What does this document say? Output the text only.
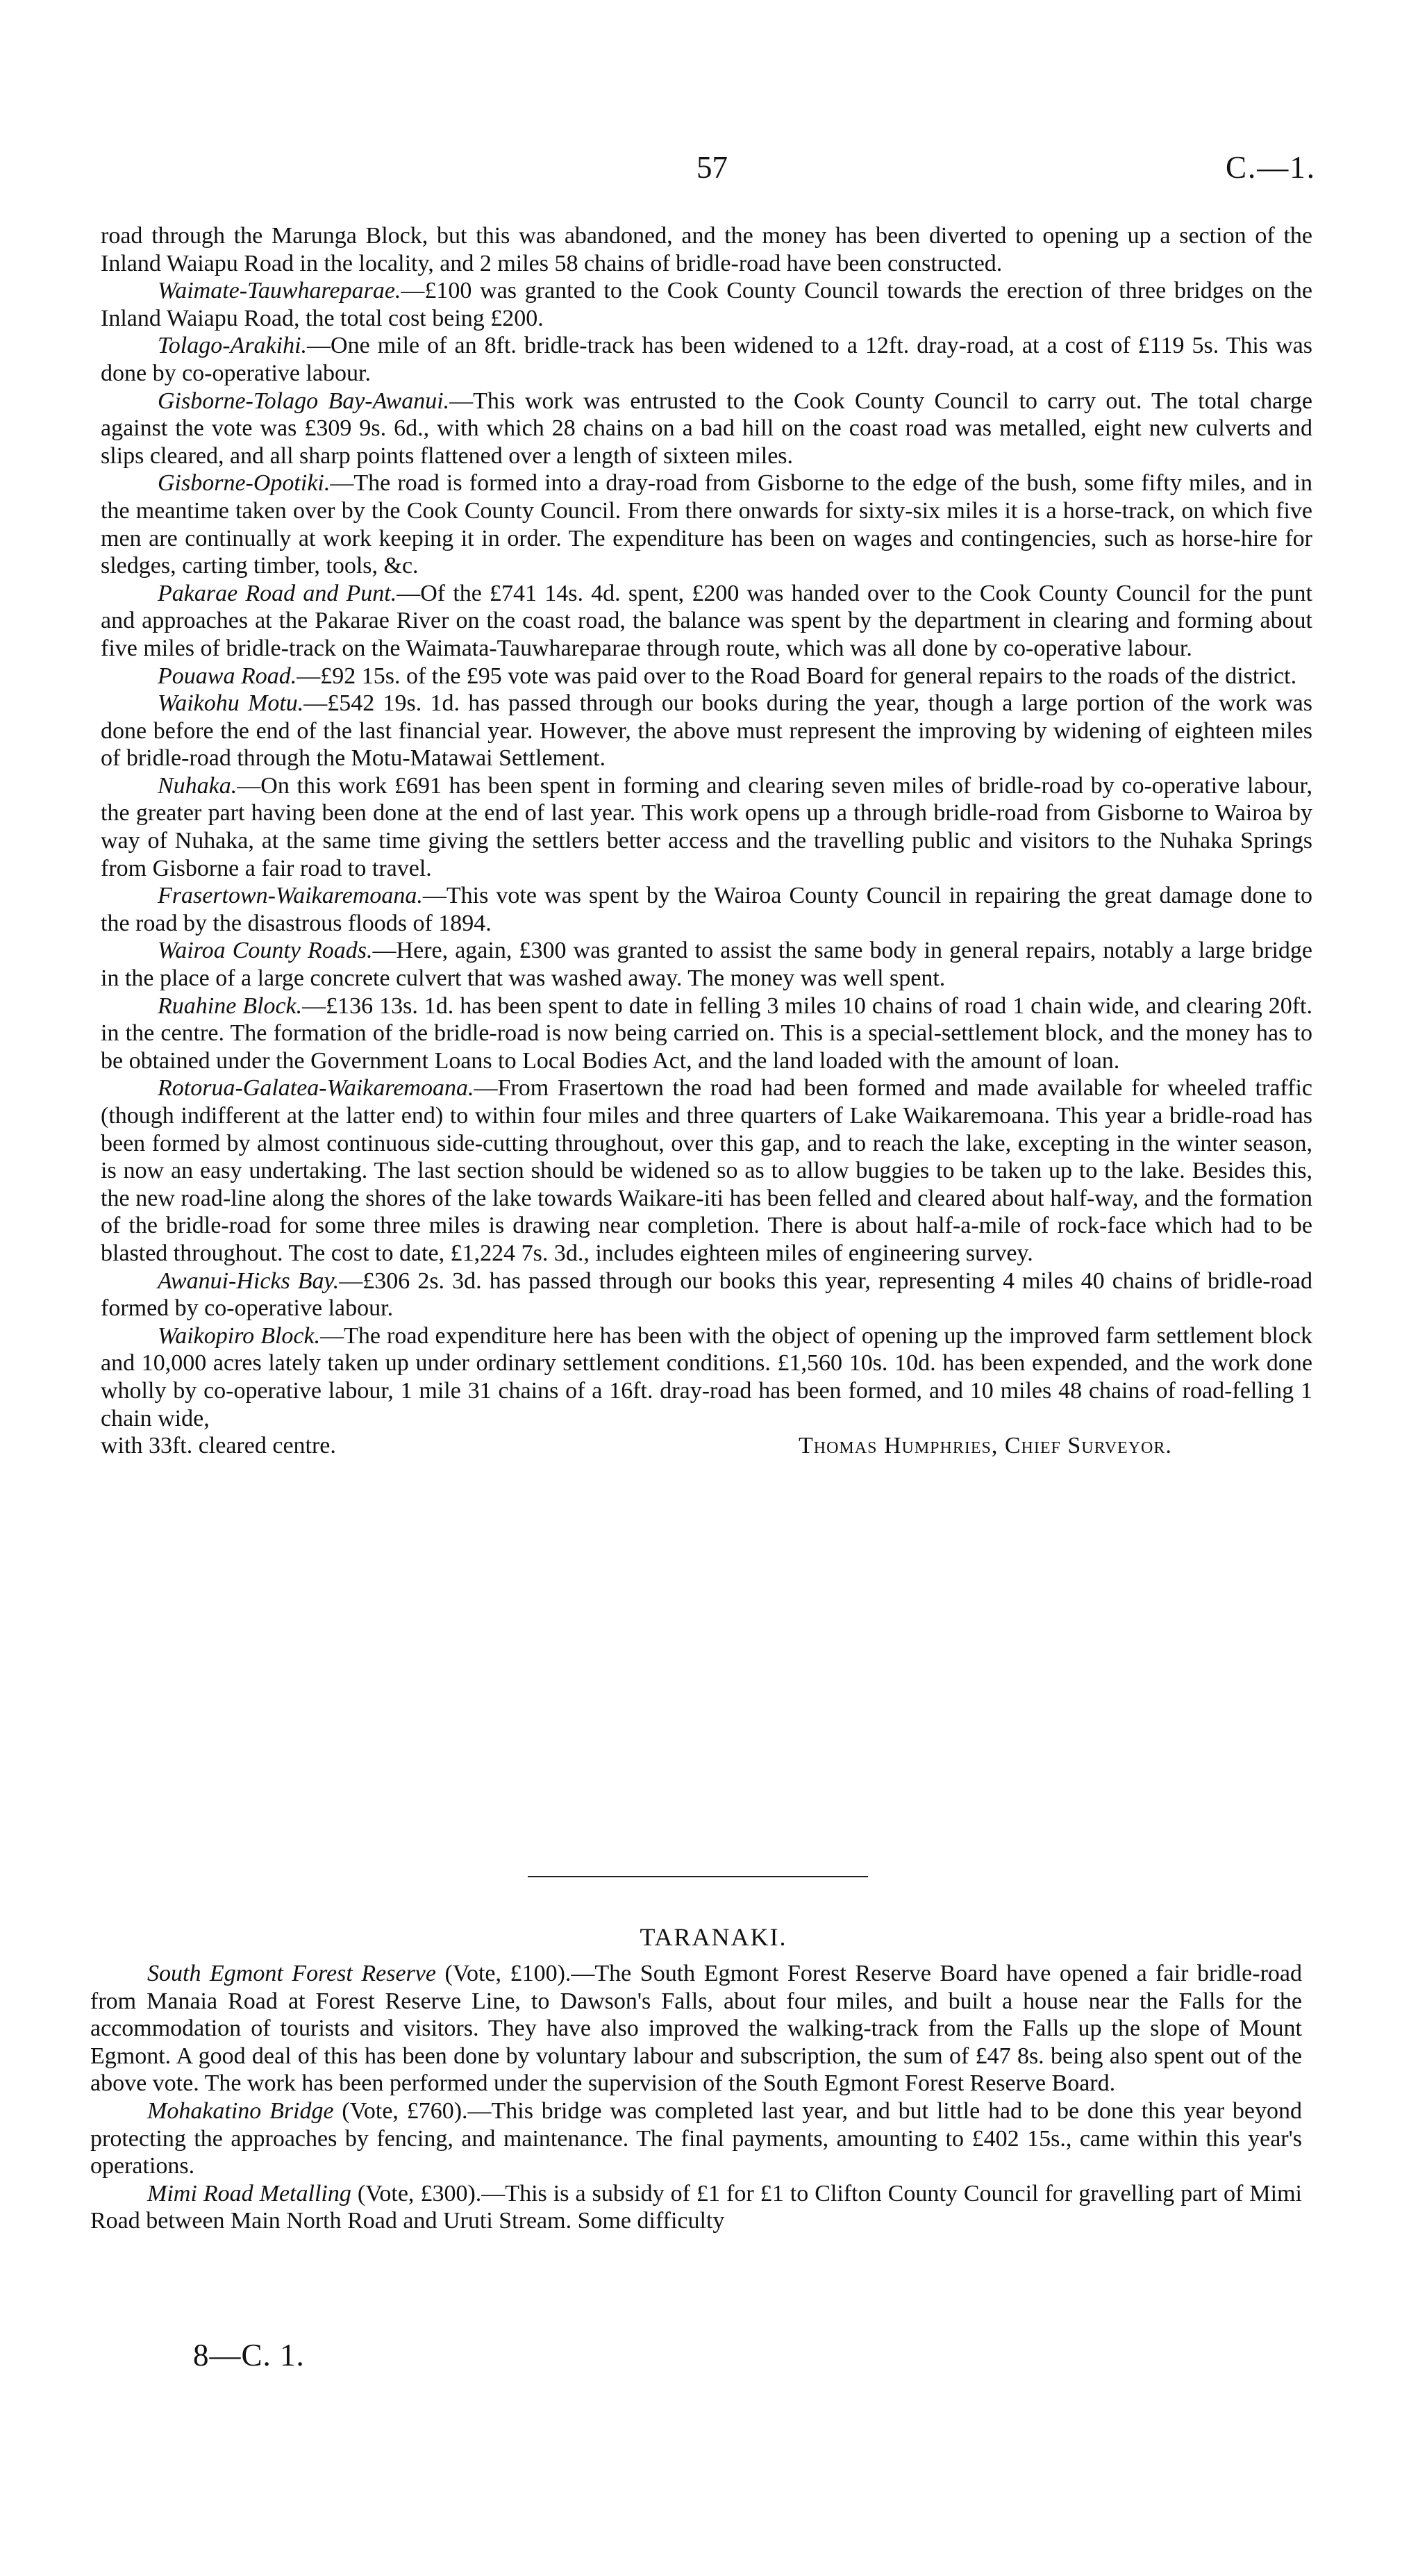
57	C.—1.

road through the Marunga Block, but this was abandoned, and the money has been diverted to opening up a section of the Inland Waiapu Road in the locality, and 2 miles 58 chains of bridle-road have been constructed.

Waimate-Tauwhareparae.—£100 was granted to the Cook County Council towards the erection of three bridges on the Inland Waiapu Road, the total cost being £200.

Tolago-Arakihi.—One mile of an 8ft. bridle-track has been widened to a 12ft. dray-road, at a cost of £119 5s. This was done by co-operative labour.

Gisborne-Tolago Bay-Awanui.—This work was entrusted to the Cook County Council to carry out. The total charge against the vote was £309 9s. 6d., with which 28 chains on a bad hill on the coast road was metalled, eight new culverts and slips cleared, and all sharp points flattened over a length of sixteen miles.

Gisborne-Opotiki.—The road is formed into a dray-road from Gisborne to the edge of the bush, some fifty miles, and in the meantime taken over by the Cook County Council. From there onwards for sixty-six miles it is a horse-track, on which five men are continually at work keeping it in order. The expenditure has been on wages and contingencies, such as horse-hire for sledges, carting timber, tools, &c.

Pakarae Road and Punt.—Of the £741 14s. 4d. spent, £200 was handed over to the Cook County Council for the punt and approaches at the Pakarae River on the coast road, the balance was spent by the department in clearing and forming about five miles of bridle-track on the Waimata-Tauwhareparae through route, which was all done by co-operative labour.

Pouawa Road.—£92 15s. of the £95 vote was paid over to the Road Board for general repairs to the roads of the district.

Waikohu Motu.—£542 19s. 1d. has passed through our books during the year, though a large portion of the work was done before the end of the last financial year. However, the above must represent the improving by widening of eighteen miles of bridle-road through the Motu-Matawai Settlement.

Nuhaka.—On this work £691 has been spent in forming and clearing seven miles of bridle-road by co-operative labour, the greater part having been done at the end of last year. This work opens up a through bridle-road from Gisborne to Wairoa by way of Nuhaka, at the same time giving the settlers better access and the travelling public and visitors to the Nuhaka Springs from Gisborne a fair road to travel.

Frasertown-Waikaremoana.—This vote was spent by the Wairoa County Council in repairing the great damage done to the road by the disastrous floods of 1894.

Wairoa County Roads.—Here, again, £300 was granted to assist the same body in general repairs, notably a large bridge in the place of a large concrete culvert that was washed away. The money was well spent.

Ruahine Block.—£136 13s. 1d. has been spent to date in felling 3 miles 10 chains of road 1 chain wide, and clearing 20ft. in the centre. The formation of the bridle-road is now being carried on. This is a special-settlement block, and the money has to be obtained under the Government Loans to Local Bodies Act, and the land loaded with the amount of loan.

Rotorua-Galatea-Waikaremoana.—From Frasertown the road had been formed and made available for wheeled traffic (though indifferent at the latter end) to within four miles and three quarters of Lake Waikaremoana. This year a bridle-road has been formed by almost continuous side-cutting throughout, over this gap, and to reach the lake, excepting in the winter season, is now an easy undertaking. The last section should be widened so as to allow buggies to be taken up to the lake. Besides this, the new road-line along the shores of the lake towards Waikare-iti has been felled and cleared about half-way, and the formation of the bridle-road for some three miles is drawing near completion. There is about half-a-mile of rock-face which had to be blasted throughout. The cost to date, £1,224 7s. 3d., includes eighteen miles of engineering survey.

Awanui-Hicks Bay.—£306 2s. 3d. has passed through our books this year, representing 4 miles 40 chains of bridle-road formed by co-operative labour.

Waikopiro Block.—The road expenditure here has been with the object of opening up the improved farm settlement block and 10,000 acres lately taken up under ordinary settlement conditions. £1,560 10s. 10d. has been expended, and the work done wholly by co-operative labour, 1 mile 31 chains of a 16ft. dray-road has been formed, and 10 miles 48 chains of road-felling 1 chain wide,

with 33ft. cleared centre.	Thomas Humphries, Chief Surveyor.
TARANAKI.

South Egmont Forest Reserve (Vote, £100).—The South Egmont Forest Reserve Board have opened a fair bridle-road from Manaia Road at Forest Reserve Line, to Dawson's Falls, about four miles, and built a house near the Falls for the accommodation of tourists and visitors. They have also improved the walking-track from the Falls up the slope of Mount Egmont. A good deal of this has been done by voluntary labour and subscription, the sum of £47 8s. being also spent out of the above vote. The work has been performed under the supervision of the South Egmont Forest Reserve Board.

Mohakatino Bridge (Vote, £760).—This bridge was completed last year, and but little had to be done this year beyond protecting the approaches by fencing, and maintenance. The final payments, amounting to £402 15s., came within this year's operations.

Mimi Road Metalling (Vote, £300).—This is a subsidy of £1 for £1 to Clifton County Council for gravelling part of Mimi Road between Main North Road and Uruti Stream. Some difficulty

8—C. 1.
